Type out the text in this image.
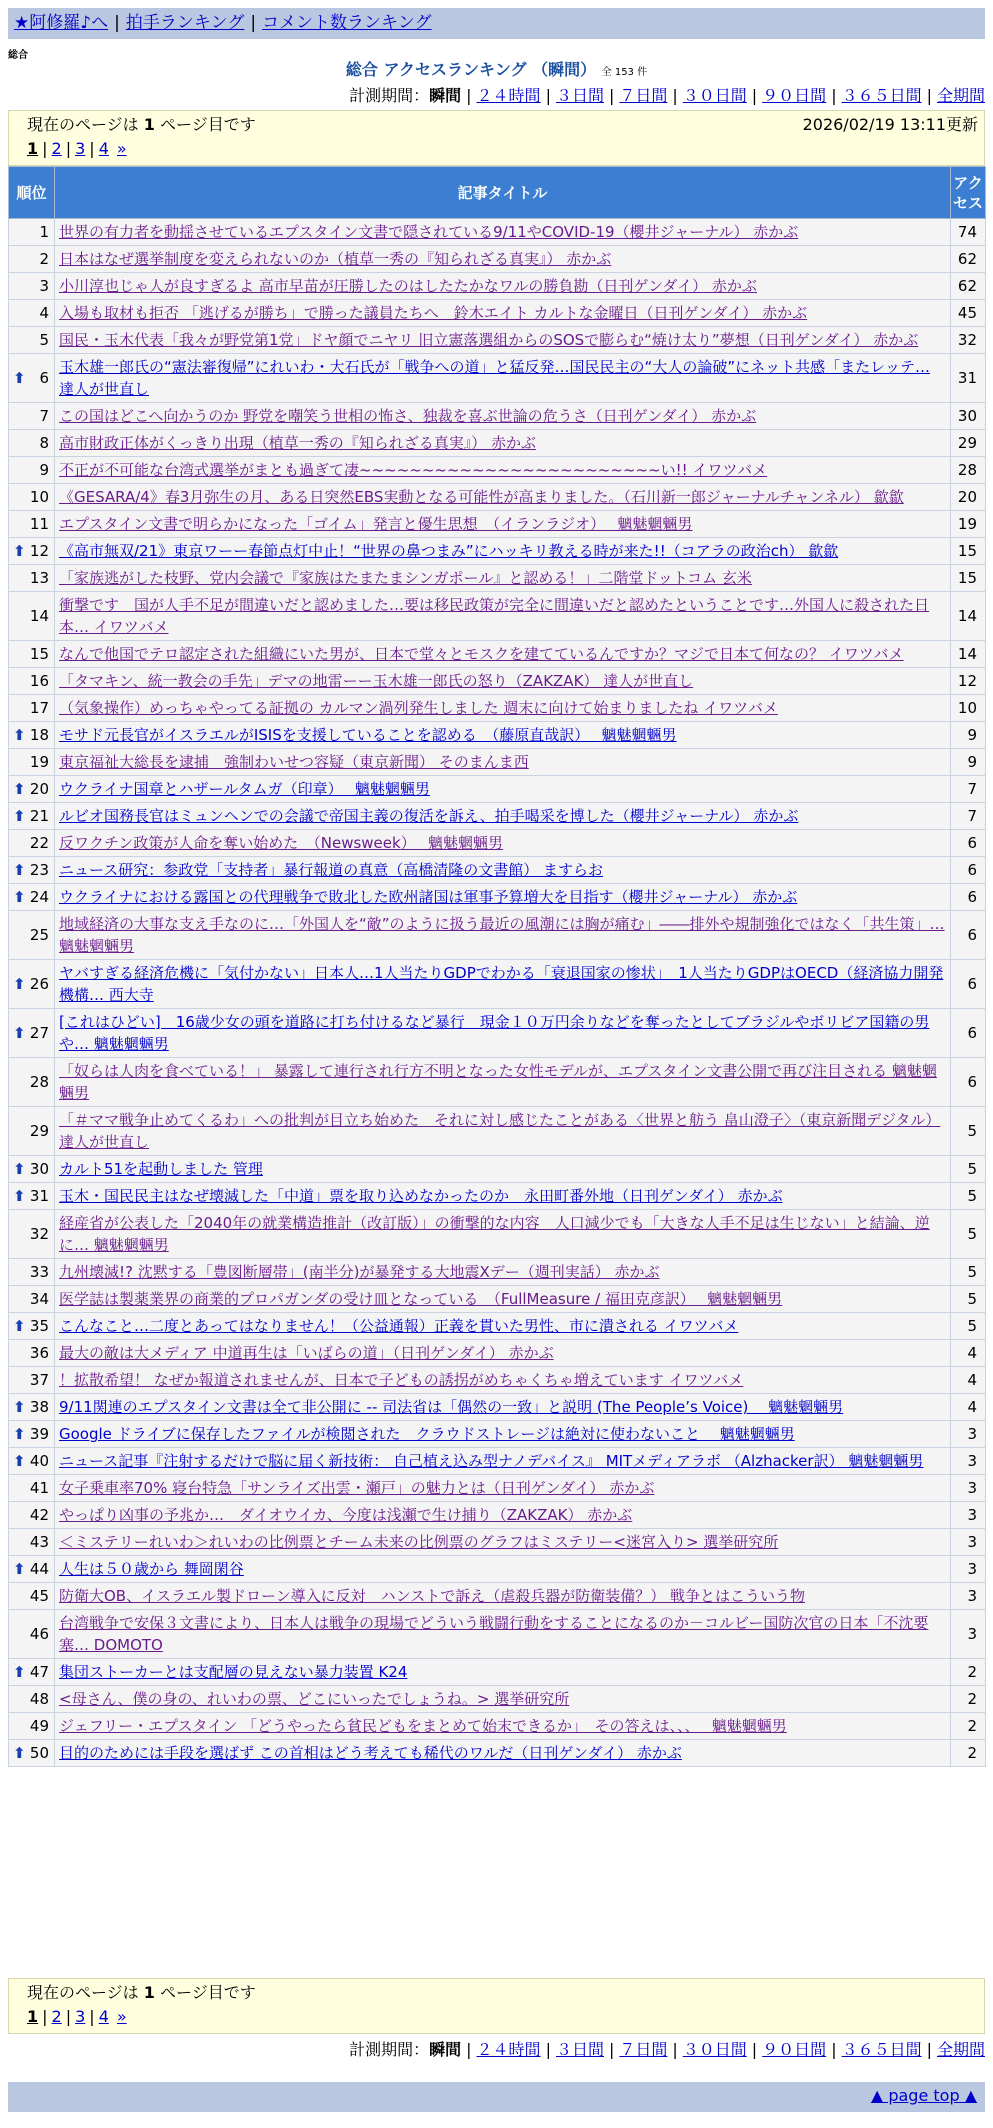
★阿修羅♪へ | 拍手ランキング | コメント数ランキング
総合
総合 アクセスランキング （瞬間） 全 153 件
計測期間：瞬間 | ２４時間 | ３日間 | ７日間 | ３０日間 | ９０日間 | ３６５日間 | 全期間
現在のページは 1 ページ目です	2026/02/19 13:11更新
1 | 2 | 3 | 4 »
順位	記事タイトル	アクセス
1	世界の有力者を動揺させているエプスタイン文書で隠されている9/11やCOVID-19（櫻井ジャーナル） 赤かぶ	74
2	日本はなぜ選挙制度を変えられないのか（植草一秀の『知られざる真実』） 赤かぶ	62
3	小川淳也じゃ人が良すぎるよ 高市早苗が圧勝したのはしたたかなワルの勝負勘（日刊ゲンダイ） 赤かぶ	62
4	入場も取材も拒否 「逃げるが勝ち」で勝った議員たちへ　鈴木エイト カルトな金曜日（日刊ゲンダイ） 赤かぶ	45
5	国民・玉木代表「我々が野党第1党」ドヤ顔でニヤリ 旧立憲落選組からのSOSで膨らむ“焼け太り”夢想（日刊ゲンダイ） 赤かぶ	32

⬆ 6	玉木雄一郎氏の“憲法審復帰”にれいわ・大石氏が「戦争への道」と猛反発…国民民主の“大人の論破”にネット共感「またレッテ… 達人が世直し	31
7	この国はどこへ向かうのか 野党を嘲笑う世相の怖さ、独裁を喜ぶ世論の危うさ（日刊ゲンダイ） 赤かぶ	30
8	高市財政正体がくっきり出現（植草一秀の『知られざる真実』） 赤かぶ	29
9	不正が不可能な台湾式選挙がまとも過ぎて凄~~~~~~~~~~~~~~~~~~~~~~~~い!! イワツバメ	28
10	《GESARA/4》春3月弥生の月、ある日突然EBS実動となる可能性が高まりました。（石川新一郎ジャーナルチャンネル） 歙歙	20
11	エプスタイン文書で明らかになった「ゴイム」発言と優生思想　（イランラジオ）　 魑魅魍魎男	19

⬆ 12	《高市無双/21》東京ワーー春節点灯中止！“世界の鼻つまみ”にハッキリ教える時が来た!!（コアラの政治ch） 歙歙	15
13	「家族逃がした枝野、党内会議で『家族はたまたまシンガポール』と認める！」二階堂ドットコム 玄米	15
14	衝撃です　国が人手不足が間違いだと認めました…要は移民政策が完全に間違いだと認めたということです…外国人に殺された日本… イワツバメ	14
15	なんで他国でテロ認定された組織にいた男が、日本で堂々とモスクを建てているんですか？マジで日本て何なの？ イワツバメ	14
16	「タマキン、統一教会の手先」デマの地雷ーー玉木雄一郎氏の怒り（ZAKZAK） 達人が世直し	12
17	（気象操作）めっちゃやってる証拠の カルマン渦列発生しました 週末に向けて始まりましたね イワツバメ	10

⬆ 18	モサド元長官がイスラエルがISISを支援していることを認める　（藤原直哉訳）　 魑魅魍魎男	9
19	東京福祉大総長を逮捕　強制わいせつ容疑（東京新聞） そのまんま西	9

⬆ 20	ウクライナ国章とハザールタムガ（印章）　 魑魅魍魎男	7

⬆ 21	ルビオ国務長官はミュンヘンでの会議で帝国主義の復活を訴え、拍手喝采を博した（櫻井ジャーナル） 赤かぶ	7
22	反ワクチン政策が人命を奪い始めた　（Newsweek）　 魑魅魍魎男	6

⬆ 23	ニュース研究：参政党「支持者」暴行報道の真意（高橋清隆の文書館） ますらお	6

⬆ 24	ウクライナにおける露国との代理戦争で敗北した欧州諸国は軍事予算増大を目指す（櫻井ジャーナル） 赤かぶ	6
25	地域経済の大事な支え手なのに…「外国人を“敵”のように扱う最近の風潮には胸が痛む」――排外や規制強化ではなく「共生策」… 魑魅魍魎男	6

⬆ 26	ヤバすぎる経済危機に「気付かない」日本人…1人当たりGDPでわかる「衰退国家の惨状」　1人当たりGDPはOECD（経済協力開発機構… 西大寺	6

⬆ 27	[これはひどい]　16歳少女の頭を道路に打ち付けるなど暴行　現金１０万円余りなどを奪ったとしてブラジルやボリビア国籍の男や… 魑魅魍魎男	6
28	「奴らは人肉を食べている！」 暴露して連行され行方不明となった女性モデルが、エプスタイン文書公開で再び注目される 魑魅魍魎男	6
29	「＃ママ戦争止めてくるわ」への批判が目立ち始めた　それに対し感じたことがある〈世界と舫う 畠山澄子〉（東京新聞デジタル） 達人が世直し	5

⬆ 30	カルト51を起動しました 管理	5

⬆ 31	玉木・国民民主はなぜ壊滅した「中道」票を取り込めなかったのか　永田町番外地（日刊ゲンダイ） 赤かぶ	5
32	経産省が公表した「2040年の就業構造推計（改訂版）」の衝撃的な内容　人口減少でも「大きな人手不足は生じない」と結論、逆に… 魑魅魍魎男	5
33	九州壊滅!? 沈黙する「豊図断層帯」(南半分)が暴発する大地震Xデー（週刊実話） 赤かぶ	5
34	医学誌は製薬業界の商業的プロパガンダの受け皿となっている　（FullMeasure / 福田克彦訳）　 魑魅魍魎男	5

⬆ 35	こんなこと…二度とあってはなりません！（公益通報）正義を貫いた男性、市に潰される イワツバメ	5
36	最大の敵は大メディア 中道再生は「いばらの道」（日刊ゲンダイ） 赤かぶ	4
37	！拡散希望！ なぜか報道されませんが、日本で子どもの誘拐がめちゃくちゃ増えています イワツバメ	4

⬆ 38	9/11関連のエプスタイン文書は全て非公開に -- 司法省は「偶然の一致」と説明 (The People’s Voice)　 魑魅魍魎男	4

⬆ 39	Google ドライブに保存したファイルが検閲された　クラウドストレージは絶対に使わないこと　 魑魅魍魎男	3

⬆ 40	ニュース記事『注射するだけで脳に届く新技術： 自己植え込み型ナノデバイス』 MITメディアラボ （Alzhacker訳） 魑魅魍魎男	3
41	女子乗車率70% 寝台特急「サンライズ出雲・瀬戸」の魅力とは（日刊ゲンダイ） 赤かぶ	3
42	やっぱり凶事の予兆か…　ダイオウイカ、今度は浅瀬で生け捕り（ZAKZAK） 赤かぶ	3
43	＜ミステリーれいわ＞れいわの比例票とチーム未来の比例票のグラフはミステリー<迷宮入り> 選挙研究所	3

⬆ 44	人生は５０歳から 舞岡閑谷	3
45	防衛大OB、イスラエル製ドローン導入に反対　ハンストで訴え（虐殺兵器が防衛装備？） 戦争とはこういう物	3
46	台湾戦争で安保３文書により、日本人は戦争の現場でどういう戦闘行動をすることになるのか－コルビー国防次官の日本「不沈要塞… DOMOTO	3

⬆ 47	集団ストーカーとは支配層の見えない暴力装置 K24	2
48	<母さん、僕の身の、れいわの票、どこにいったでしょうね。> 選挙研究所	2
49	ジェフリー・エプスタイン 「どうやったら貧民どもをまとめて始末できるか」　その答えは、、、　 魑魅魍魎男	2

⬆ 50	目的のためには手段を選ばず この首相はどう考えても稀代のワルだ（日刊ゲンダイ） 赤かぶ	2
現在のページは 1 ページ目です
1 | 2 | 3 | 4 »
計測期間：瞬間 | ２４時間 | ３日間 | ７日間 | ３０日間 | ９０日間 | ３６５日間 | 全期間
▲ page top ▲
